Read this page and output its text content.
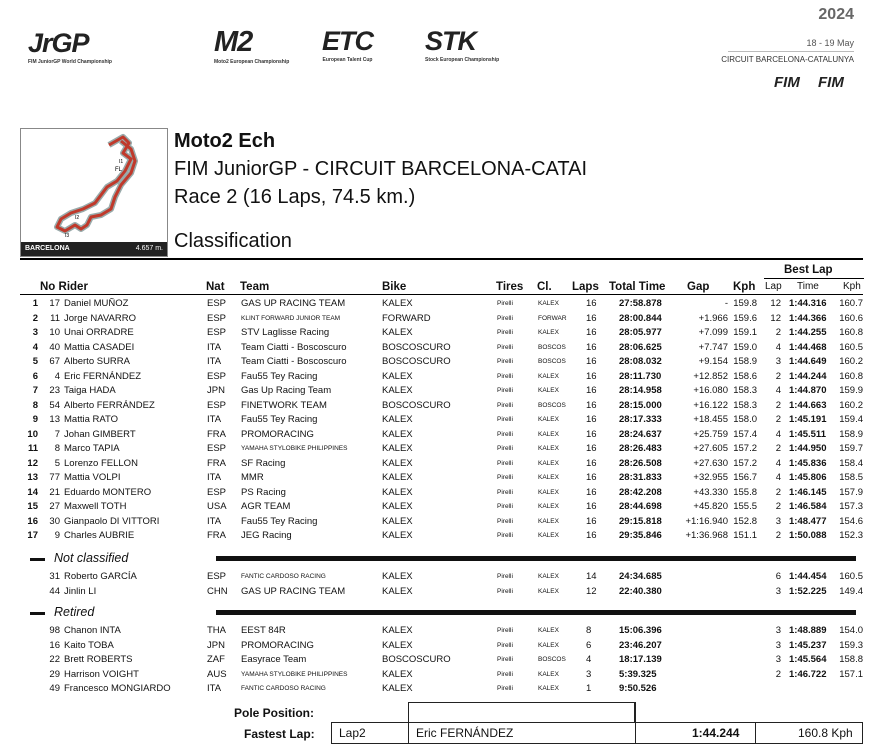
JrGP
FIM JuniorGP World Championship
M2
Moto2 European Championship
ETC
European Talent Cup
STK
Stock European Championship
2024
18 - 19 May
CIRCUIT BARCELONA-CATALUNYA
FIM FIM
FL
I1
I2
I3
BARCELONA	4.657 m.
Moto2 Ech
FIM JuniorGP - CIRCUIT BARCELONA-CATAI
Race 2 (16 Laps, 74.5 km.)
Classification
Best Lap
No Rider	Nat Team	Bike	Tires Cl. Laps Total Time Gap Kph Lap Time Kph
Not classified
Retired
1 17 Daniel MUÑOZ	ESP GAS UP RACING TEAM	KALEX	Pirelli	KALEX	16 27:58.878	- 159.8 12 1:44.316 160.7
2 11 Jorge NAVARRO	ESP KLINT FORWARD JUNIOR TEAM	FORWARD	Pirelli	FORWAR	16 28:00.844	+1.966 159.6 12 1:44.366 160.6
3 10 Unai ORRADRE	ESP STV Laglisse Racing	KALEX	Pirelli	KALEX	16 28:05.977	+7.099 159.1 2 1:44.255 160.8
4 40 Mattia CASADEI	ITA Team Ciatti - Boscoscuro	BOSCOSCURO	Pirelli	BOSCOS	16 28:06.625	+7.747 159.0 4 1:44.468 160.5
5 67 Alberto SURRA	ITA Team Ciatti - Boscoscuro	BOSCOSCURO	Pirelli	BOSCOS	16 28:08.032	+9.154 158.9 3 1:44.649 160.2
6 4 Eric FERNÁNDEZ	ESP Fau55 Tey Racing	KALEX	Pirelli	KALEX	16 28:11.730	+12.852 158.6 2 1:44.244 160.8
7 23 Taiga HADA	JPN Gas Up Racing Team	KALEX	Pirelli	KALEX	16 28:14.958	+16.080 158.3 4 1:44.870 159.9
8 54 Alberto FERRÁNDEZ	ESP FINETWORK TEAM	BOSCOSCURO	Pirelli	BOSCOS	16 28:15.000	+16.122 158.3 2 1:44.663 160.2
9 13 Mattia RATO	ITA Fau55 Tey Racing	KALEX	Pirelli	KALEX	16 28:17.333	+18.455 158.0 2 1:45.191 159.4
10 7 Johan GIMBERT	FRA PROMORACING	KALEX	Pirelli	KALEX	16 28:24.637	+25.759 157.4 4 1:45.511 158.9
11 8 Marco TAPIA	ESP YAMAHA STYLOBIKE PHILIPPINES	KALEX	Pirelli	KALEX	16 28:26.483	+27.605 157.2 2 1:44.950 159.7
12 5 Lorenzo FELLON	FRA SF Racing	KALEX	Pirelli	KALEX	16 28:26.508	+27.630 157.2 4 1:45.836 158.4
13 77 Mattia VOLPI	ITA MMR	KALEX	Pirelli	KALEX	16 28:31.833	+32.955 156.7 4 1:45.806 158.5
14 21 Eduardo MONTERO	ESP PS Racing	KALEX	Pirelli	KALEX	16 28:42.208	+43.330 155.8 2 1:46.145 157.9
15 27 Maxwell TOTH	USA AGR TEAM	KALEX	Pirelli	KALEX	16 28:44.698	+45.820 155.5 2 1:46.584 157.3
16 30 Gianpaolo DI VITTORI	ITA Fau55 Tey Racing	KALEX	Pirelli	KALEX	16 29:15.818 +1:16.940 152.8 3 1:48.477 154.6
17 9 Charles AUBRIE	FRA JEG Racing	KALEX	Pirelli	KALEX	16 29:35.846 +1:36.968 151.1 2 1:50.088 152.3
31 Roberto GARCÍA	ESP FANTIC CARDOSO RACING	KALEX	Pirelli	KALEX	14 24:34.685	6 1:44.454 160.5
44 Jinlin LI	CHN GAS UP RACING TEAM	KALEX	Pirelli	KALEX	12 22:40.380	3 1:52.225 149.4
98 Chanon INTA	THA EEST 84R	KALEX	Pirelli	KALEX	8	15:06.396	3 1:48.889 154.0
16 Kaito TOBA	JPN PROMORACING	KALEX	Pirelli	KALEX	6	23:46.207	3 1:45.237 159.3
22 Brett ROBERTS	ZAF Easyrace Team	BOSCOSCURO	Pirelli	BOSCOS	4	18:17.139	3 1:45.564 158.8
29 Harrison VOIGHT	AUS YAMAHA STYLOBIKE PHILIPPINES	KALEX	Pirelli	KALEX	3	5:39.325	2 1:46.722 157.1
49 Francesco MONGIARDO	ITA	FANTIC CARDOSO RACING	KALEX	Pirelli	KALEX	1	9:50.526
Pole Position:
Fastest Lap: Lap2	Eric FERNÁNDEZ	1:44.244	160.8 Kph
